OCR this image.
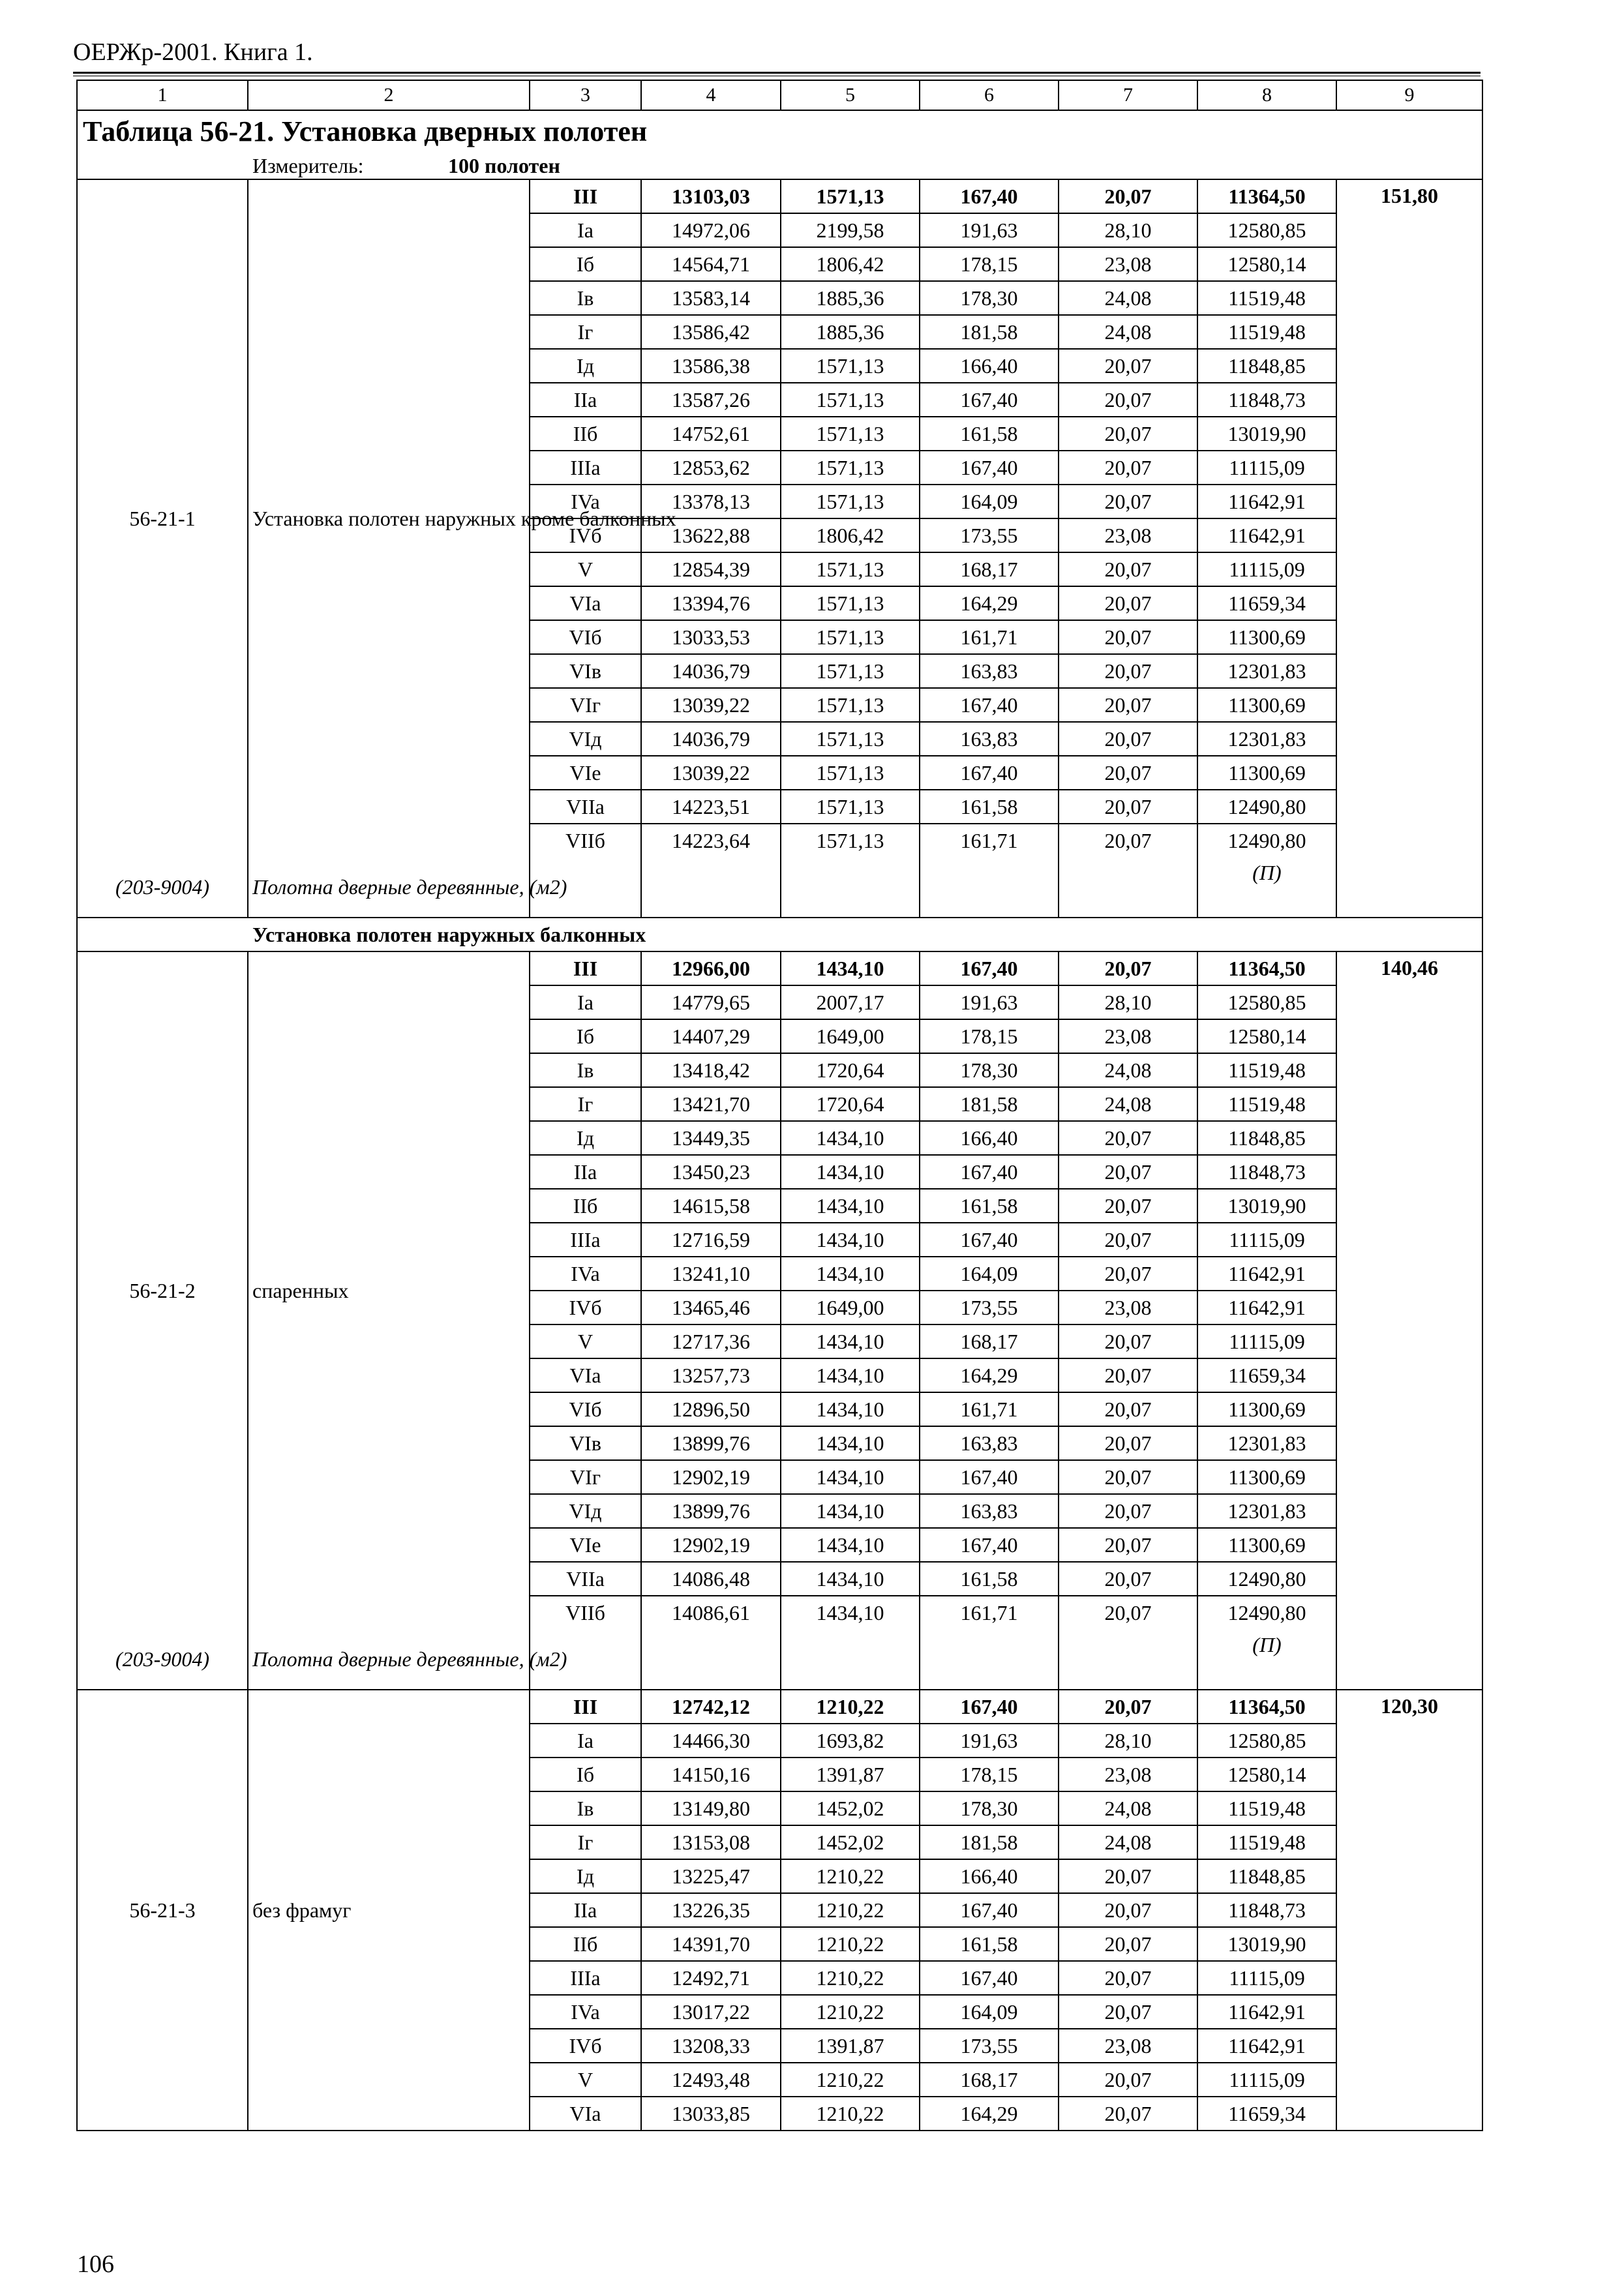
ОЕРЖр-2001. Книга 1.
1	2	3	4	5	6	7	8	9
Таблица 56-21. Установка дверных полотен								
Измеритель: 100 полотен								
56-21-1	Установка полотен наружных кроме балконных	III	13103,03	1571,13	167,40	20,07	11364,50	151,80
		Ia	14972,06	2199,58	191,63	28,10	12580,85	
		Iб	14564,71	1806,42	178,15	23,08	12580,14	
		Iв	13583,14	1885,36	178,30	24,08	11519,48	
		Iг	13586,42	1885,36	181,58	24,08	11519,48	
		Iд	13586,38	1571,13	166,40	20,07	11848,85	
		IIa	13587,26	1571,13	167,40	20,07	11848,73	
		IIб	14752,61	1571,13	161,58	20,07	13019,90	
		IIIa	12853,62	1571,13	167,40	20,07	11115,09	
		IVa	13378,13	1571,13	164,09	20,07	11642,91	
		IVб	13622,88	1806,42	173,55	23,08	11642,91	
		V	12854,39	1571,13	168,17	20,07	11115,09	
		VIa	13394,76	1571,13	164,29	20,07	11659,34	
		VIб	13033,53	1571,13	161,71	20,07	11300,69	
		VIв	14036,79	1571,13	163,83	20,07	12301,83	
		VIг	13039,22	1571,13	167,40	20,07	11300,69	
		VIд	14036,79	1571,13	163,83	20,07	12301,83	
		VIe	13039,22	1571,13	167,40	20,07	11300,69	
		VIIa	14223,51	1571,13	161,58	20,07	12490,80	
		VIIб	14223,64	1571,13	161,71	20,07	12490,80	
(203-9004)	Полотна дверные деревянные, (м2)						(П)	
Установка полотен наружных балконных								
56-21-2	спаренных	III	12966,00	1434,10	167,40	20,07	11364,50	140,46
		Ia	14779,65	2007,17	191,63	28,10	12580,85	
		Iб	14407,29	1649,00	178,15	23,08	12580,14	
		Iв	13418,42	1720,64	178,30	24,08	11519,48	
		Iг	13421,70	1720,64	181,58	24,08	11519,48	
		Iд	13449,35	1434,10	166,40	20,07	11848,85	
		IIa	13450,23	1434,10	167,40	20,07	11848,73	
		IIб	14615,58	1434,10	161,58	20,07	13019,90	
		IIIa	12716,59	1434,10	167,40	20,07	11115,09	
		IVa	13241,10	1434,10	164,09	20,07	11642,91	
		IVб	13465,46	1649,00	173,55	23,08	11642,91	
		V	12717,36	1434,10	168,17	20,07	11115,09	
		VIa	13257,73	1434,10	164,29	20,07	11659,34	
		VIб	12896,50	1434,10	161,71	20,07	11300,69	
		VIв	13899,76	1434,10	163,83	20,07	12301,83	
		VIг	12902,19	1434,10	167,40	20,07	11300,69	
		VIд	13899,76	1434,10	163,83	20,07	12301,83	
		VIe	12902,19	1434,10	167,40	20,07	11300,69	
		VIIa	14086,48	1434,10	161,58	20,07	12490,80	
		VIIб	14086,61	1434,10	161,71	20,07	12490,80	
(203-9004)	Полотна дверные деревянные, (м2)						(П)	
56-21-3	без фрамуг	III	12742,12	1210,22	167,40	20,07	11364,50	120,30
		Ia	14466,30	1693,82	191,63	28,10	12580,85	
		Iб	14150,16	1391,87	178,15	23,08	12580,14	
		Iв	13149,80	1452,02	178,30	24,08	11519,48	
		Iг	13153,08	1452,02	181,58	24,08	11519,48	
		Iд	13225,47	1210,22	166,40	20,07	11848,85	
		IIa	13226,35	1210,22	167,40	20,07	11848,73	
		IIб	14391,70	1210,22	161,58	20,07	13019,90	
		IIIa	12492,71	1210,22	167,40	20,07	11115,09	
		IVa	13017,22	1210,22	164,09	20,07	11642,91	
		IVб	13208,33	1391,87	173,55	23,08	11642,91	
		V	12493,48	1210,22	168,17	20,07	11115,09	
		VIa	13033,85	1210,22	164,29	20,07	11659,34	
106
